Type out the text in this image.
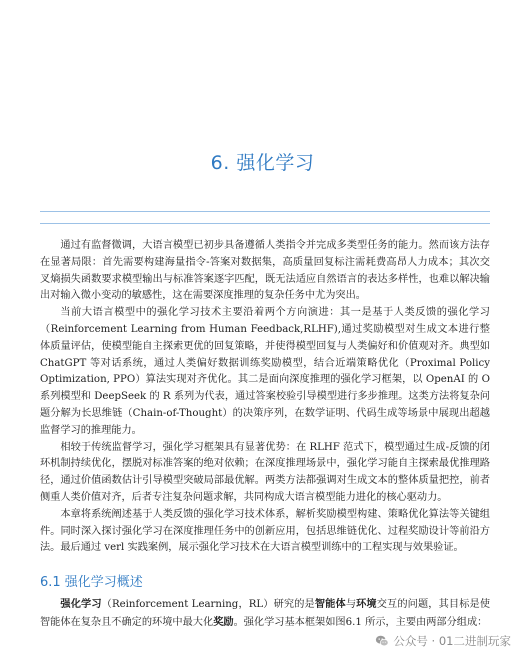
6. 强化学习

通过有监督微调，大语言模型已初步具备遵循人类指令并完成多类型任务的能力。然而该方法存在显著局限：首先需要构建海量指令-答案对数据集，高质量回复标注需耗费高昂人力成本；其次交叉熵损失函数要求模型输出与标准答案逐字匹配，既无法适应自然语言的表达多样性，也难以解决输出对输入微小变动的敏感性，这在需要深度推理的复杂任务中尤为突出。

当前大语言模型中的强化学习技术主要沿着两个方向演进：其一是基于人类反馈的强化学习（Reinforcement Learning from Human Feedback,RLHF),通过奖励模型对生成文本进行整体质量评估，使模型能自主探索更优的回复策略，并使得模型回复与人类偏好和价值观对齐。典型如 ChatGPT 等对话系统，通过人类偏好数据训练奖励模型，结合近端策略优化（Proximal Policy Optimization, PPO）算法实现对齐优化。其二是面向深度推理的强化学习框架，以 OpenAI 的 O 系列模型和 DeepSeek 的 R 系列为代表，通过答案校验引导模型进行多步推理。这类方法将复杂问题分解为长思维链（Chain-of-Thought）的决策序列，在数学证明、代码生成等场景中展现出超越监督学习的推理能力。

相较于传统监督学习，强化学习框架具有显著优势：在 RLHF 范式下，模型通过生成-反馈的闭环机制持续优化，摆脱对标准答案的绝对依赖；在深度推理场景中，强化学习能自主探索最优推理路径，通过价值函数估计引导模型突破局部最优解。两类方法都强调对生成文本的整体质量把控，前者侧重人类价值对齐，后者专注复杂问题求解，共同构成大语言模型能力进化的核心驱动力。

本章将系统阐述基于人类反馈的强化学习技术体系，解析奖励模型构建、策略优化算法等关键组件。同时深入探讨强化学习在深度推理任务中的创新应用，包括思维链优化、过程奖励设计等前沿方法。最后通过 verl 实践案例，展示强化学习技术在大语言模型训练中的工程实现与效果验证。

6.1 强化学习概述

强化学习（Reinforcement Learning，RL）研究的是智能体与环境交互的问题，其目标是使智能体在复杂且不确定的环境中最大化奖励。强化学习基本框架如图6.1 所示，主要由两部分组成：

公众号 · 01二进制玩家
